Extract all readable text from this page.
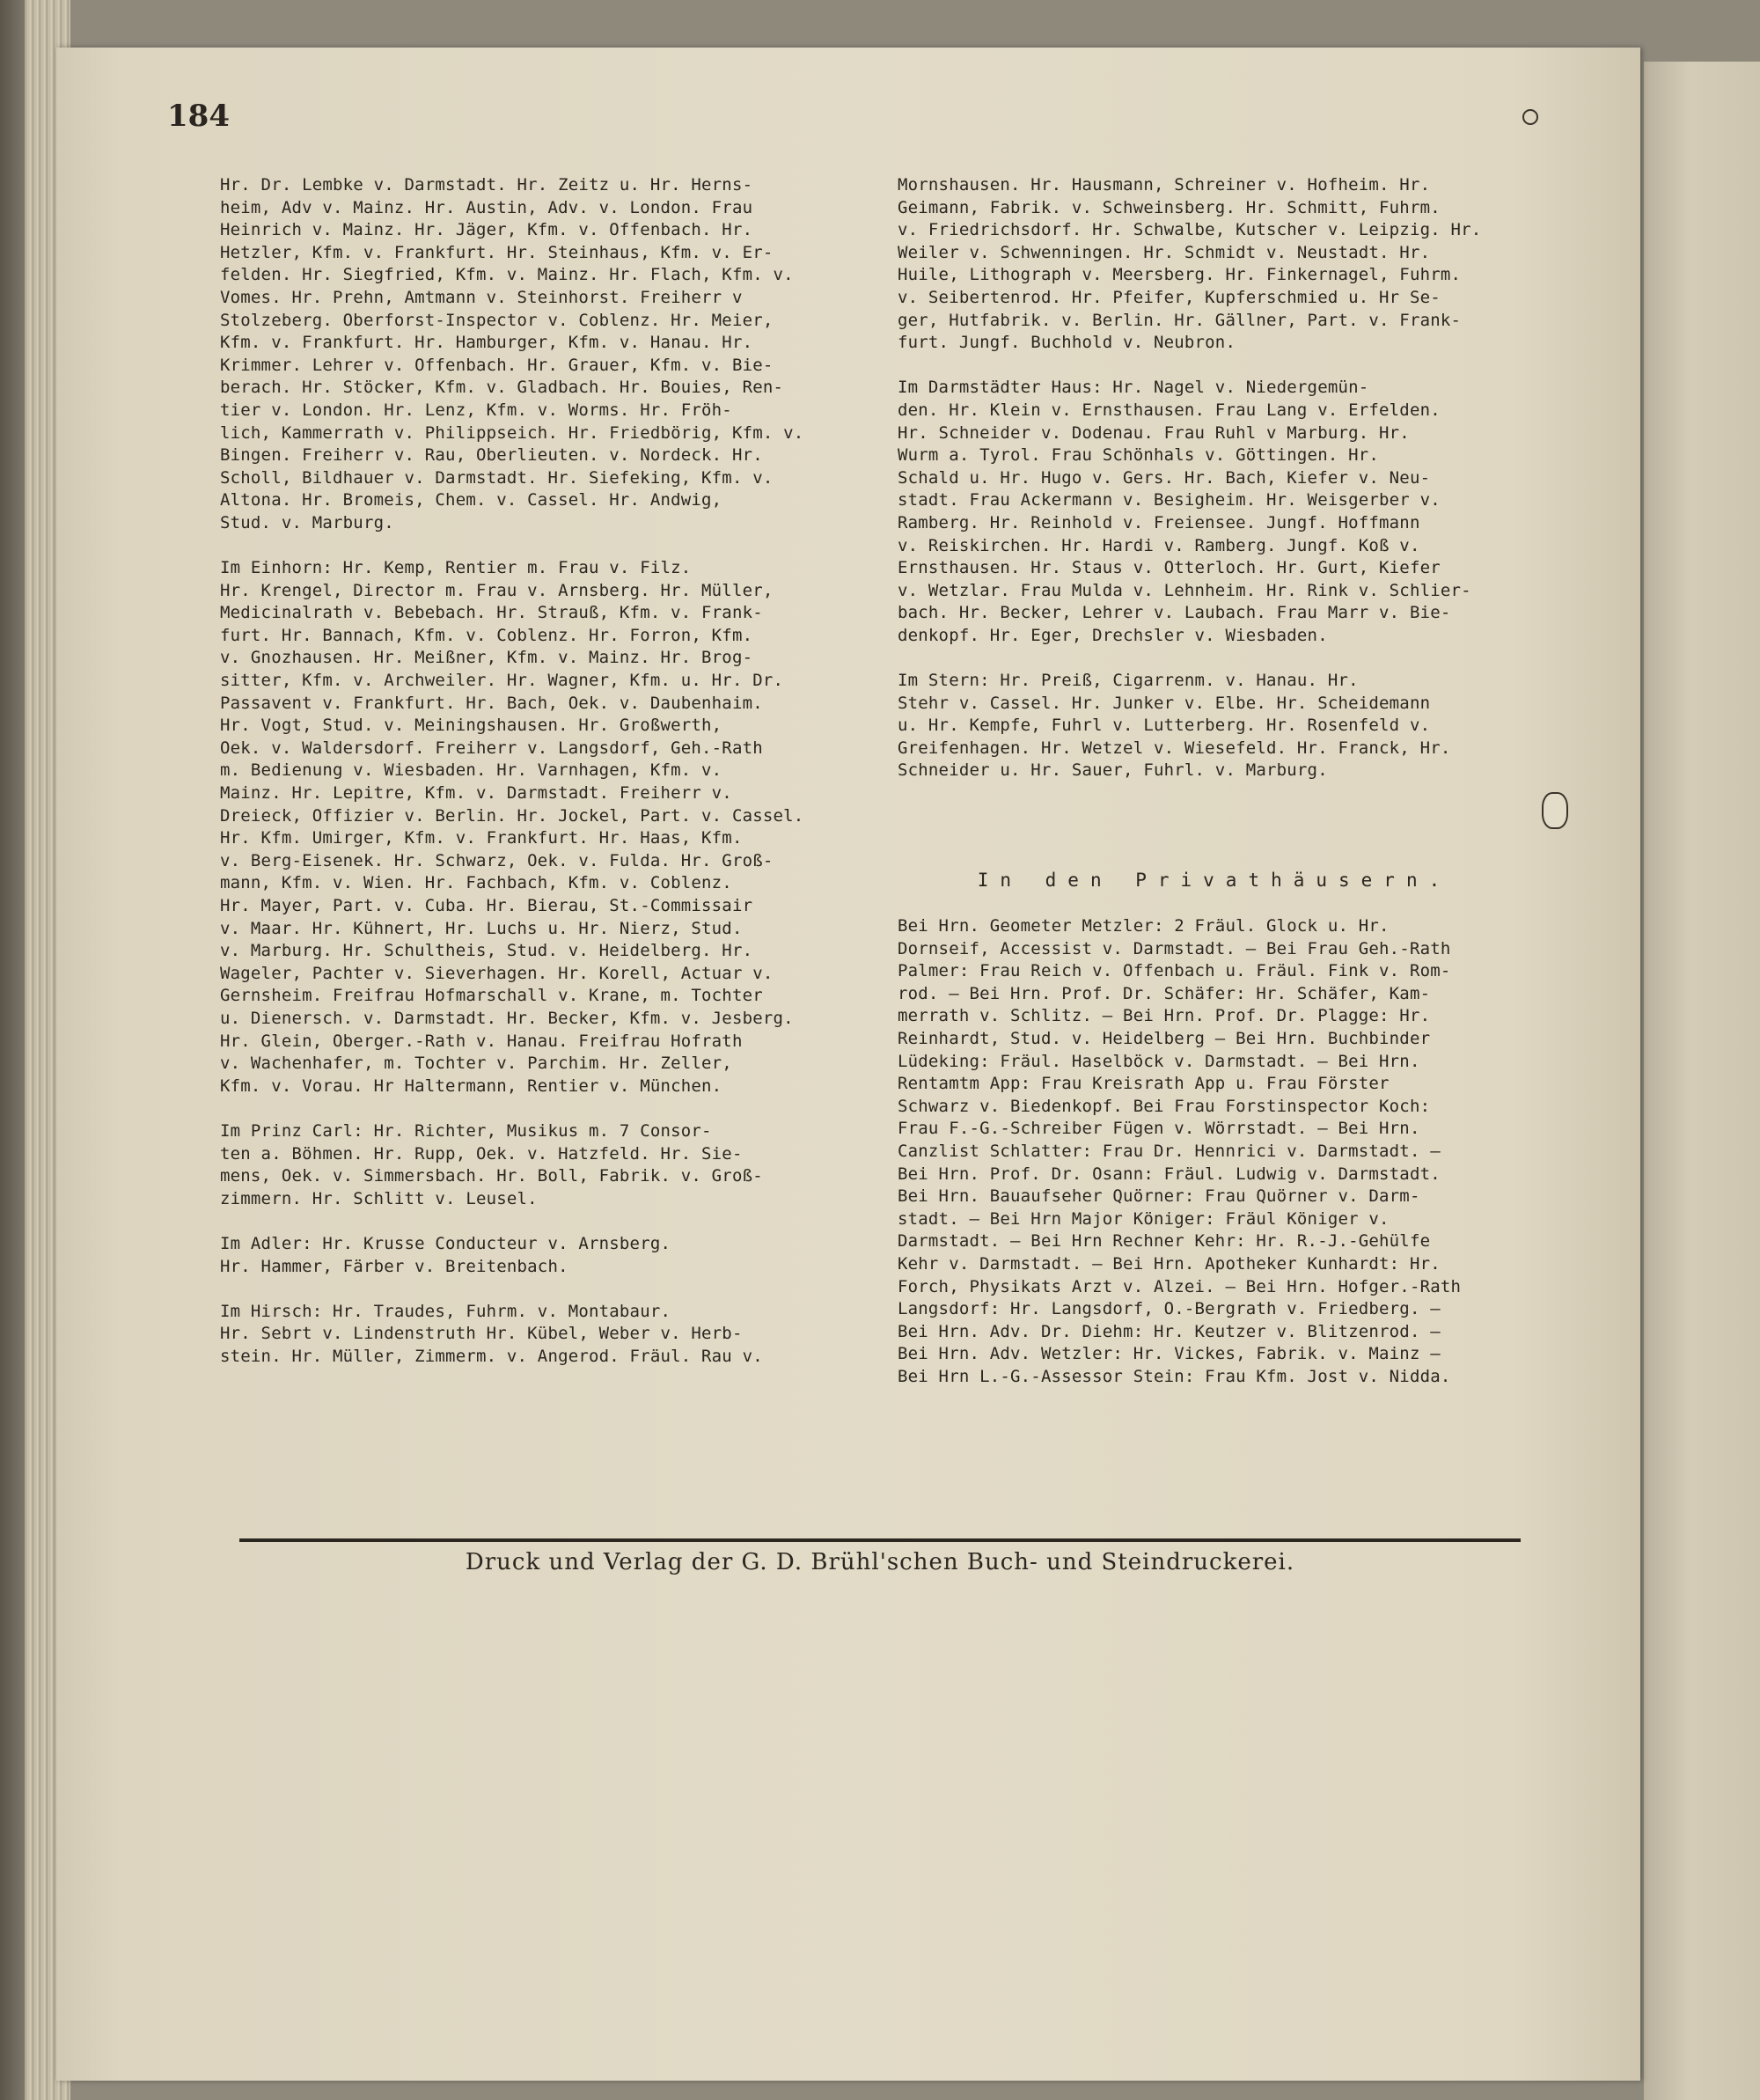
184
Hr. Dr. Lembke v. Darmstadt. Hr. Zeitz u. Hr. Herns-
heim, Adv v. Mainz. Hr. Austin, Adv. v. London. Frau
Heinrich v. Mainz. Hr. Jäger, Kfm. v. Offenbach. Hr.
Hetzler, Kfm. v. Frankfurt. Hr. Steinhaus, Kfm. v. Er-
felden. Hr. Siegfried, Kfm. v. Mainz. Hr. Flach, Kfm. v.
Vomes. Hr. Prehn, Amtmann v. Steinhorst. Freiherr v
Stolzeberg. Oberforst-Inspector v. Coblenz. Hr. Meier,
Kfm. v. Frankfurt. Hr. Hamburger, Kfm. v. Hanau. Hr.
Krimmer. Lehrer v. Offenbach. Hr. Grauer, Kfm. v. Bie-
berach. Hr. Stöcker, Kfm. v. Gladbach. Hr. Bouies, Ren-
tier v. London. Hr. Lenz, Kfm. v. Worms. Hr. Fröh-
lich, Kammerrath v. Philippseich. Hr. Friedbörig, Kfm. v.
Bingen. Freiherr v. Rau, Oberlieuten. v. Nordeck. Hr.
Scholl, Bildhauer v. Darmstadt. Hr. Siefeking, Kfm. v.
Altona. Hr. Bromeis, Chem. v. Cassel. Hr. Andwig,
Stud. v. Marburg.
Im Einhorn: Hr. Kemp, Rentier m. Frau v. Filz.
Hr. Krengel, Director m. Frau v. Arnsberg. Hr. Müller,
Medicinalrath v. Bebebach. Hr. Strauß, Kfm. v. Frank-
furt. Hr. Bannach, Kfm. v. Coblenz. Hr. Forron, Kfm.
v. Gnozhausen. Hr. Meißner, Kfm. v. Mainz. Hr. Brog-
sitter, Kfm. v. Archweiler. Hr. Wagner, Kfm. u. Hr. Dr.
Passavent v. Frankfurt. Hr. Bach, Oek. v. Daubenhaim.
Hr. Vogt, Stud. v. Meiningshausen. Hr. Großwerth,
Oek. v. Waldersdorf. Freiherr v. Langsdorf, Geh.-Rath
m. Bedienung v. Wiesbaden. Hr. Varnhagen, Kfm. v.
Mainz. Hr. Lepitre, Kfm. v. Darmstadt. Freiherr v.
Dreieck, Offizier v. Berlin. Hr. Jockel, Part. v. Cassel.
Hr. Kfm. Umirger, Kfm. v. Frankfurt. Hr. Haas, Kfm.
v. Berg-Eisenek. Hr. Schwarz, Oek. v. Fulda. Hr. Groß-
mann, Kfm. v. Wien. Hr. Fachbach, Kfm. v. Coblenz.
Hr. Mayer, Part. v. Cuba. Hr. Bierau, St.-Commissair
v. Maar. Hr. Kühnert, Hr. Luchs u. Hr. Nierz, Stud.
v. Marburg. Hr. Schultheis, Stud. v. Heidelberg. Hr.
Wageler, Pachter v. Sieverhagen. Hr. Korell, Actuar v.
Gernsheim. Freifrau Hofmarschall v. Krane, m. Tochter
u. Dienersch. v. Darmstadt. Hr. Becker, Kfm. v. Jesberg.
Hr. Glein, Oberger.-Rath v. Hanau. Freifrau Hofrath
v. Wachenhafer, m. Tochter v. Parchim. Hr. Zeller,
Kfm. v. Vorau. Hr Haltermann, Rentier v. München.
Im Prinz Carl: Hr. Richter, Musikus m. 7 Consor-
ten a. Böhmen. Hr. Rupp, Oek. v. Hatzfeld. Hr. Sie-
mens, Oek. v. Simmersbach. Hr. Boll, Fabrik. v. Groß-
zimmern. Hr. Schlitt v. Leusel.
Im Adler: Hr. Krusse Conducteur v. Arnsberg.
Hr. Hammer, Färber v. Breitenbach.
Im Hirsch: Hr. Traudes, Fuhrm. v. Montabaur.
Hr. Sebrt v. Lindenstruth Hr. Kübel, Weber v. Herb-
stein. Hr. Müller, Zimmerm. v. Angerod. Fräul. Rau v.
Mornshausen. Hr. Hausmann, Schreiner v. Hofheim. Hr.
Geimann, Fabrik. v. Schweinsberg. Hr. Schmitt, Fuhrm.
v. Friedrichsdorf. Hr. Schwalbe, Kutscher v. Leipzig. Hr.
Weiler v. Schwenningen. Hr. Schmidt v. Neustadt. Hr.
Huile, Lithograph v. Meersberg. Hr. Finkernagel, Fuhrm.
v. Seibertenrod. Hr. Pfeifer, Kupferschmied u. Hr Se-
ger, Hutfabrik. v. Berlin. Hr. Gällner, Part. v. Frank-
furt. Jungf. Buchhold v. Neubron.
Im Darmstädter Haus: Hr. Nagel v. Niedergemün-
den. Hr. Klein v. Ernsthausen. Frau Lang v. Erfelden.
Hr. Schneider v. Dodenau. Frau Ruhl v Marburg. Hr.
Wurm a. Tyrol. Frau Schönhals v. Göttingen. Hr.
Schald u. Hr. Hugo v. Gers. Hr. Bach, Kiefer v. Neu-
stadt. Frau Ackermann v. Besigheim. Hr. Weisgerber v.
Ramberg. Hr. Reinhold v. Freiensee. Jungf. Hoffmann
v. Reiskirchen. Hr. Hardi v. Ramberg. Jungf. Koß v.
Ernsthausen. Hr. Staus v. Otterloch. Hr. Gurt, Kiefer
v. Wetzlar. Frau Mulda v. Lehnheim. Hr. Rink v. Schlier-
bach. Hr. Becker, Lehrer v. Laubach. Frau Marr v. Bie-
denkopf. Hr. Eger, Drechsler v. Wiesbaden.
Im Stern: Hr. Preiß, Cigarrenm. v. Hanau. Hr.
Stehr v. Cassel. Hr. Junker v. Elbe. Hr. Scheidemann
u. Hr. Kempfe, Fuhrl v. Lutterberg. Hr. Rosenfeld v.
Greifenhagen. Hr. Wetzel v. Wiesefeld. Hr. Franck, Hr.
Schneider u. Hr. Sauer, Fuhrl. v. Marburg.
In den Privathäusern.
Bei Hrn. Geometer Metzler: 2 Fräul. Glock u. Hr.
Dornseif, Accessist v. Darmstadt. — Bei Frau Geh.-Rath
Palmer: Frau Reich v. Offenbach u. Fräul. Fink v. Rom-
rod. — Bei Hrn. Prof. Dr. Schäfer: Hr. Schäfer, Kam-
merrath v. Schlitz. — Bei Hrn. Prof. Dr. Plagge: Hr.
Reinhardt, Stud. v. Heidelberg — Bei Hrn. Buchbinder
Lüdeking: Fräul. Haselböck v. Darmstadt. — Bei Hrn.
Rentamtm App: Frau Kreisrath App u. Frau Förster
Schwarz v. Biedenkopf. Bei Frau Forstinspector Koch:
Frau F.-G.-Schreiber Fügen v. Wörrstadt. — Bei Hrn.
Canzlist Schlatter: Frau Dr. Hennrici v. Darmstadt. —
Bei Hrn. Prof. Dr. Osann: Fräul. Ludwig v. Darmstadt.
Bei Hrn. Bauaufseher Quörner: Frau Quörner v. Darm-
stadt. — Bei Hrn Major Königer: Fräul Königer v.
Darmstadt. — Bei Hrn Rechner Kehr: Hr. R.-J.-Gehülfe
Kehr v. Darmstadt. — Bei Hrn. Apotheker Kunhardt: Hr.
Forch, Physikats Arzt v. Alzei. — Bei Hrn. Hofger.-Rath
Langsdorf: Hr. Langsdorf, O.-Bergrath v. Friedberg. —
Bei Hrn. Adv. Dr. Diehm: Hr. Keutzer v. Blitzenrod. —
Bei Hrn. Adv. Wetzler: Hr. Vickes, Fabrik. v. Mainz —
Bei Hrn L.-G.-Assessor Stein: Frau Kfm. Jost v. Nidda.
Druck und Verlag der G. D. Brühl'schen Buch- und Steindruckerei.
